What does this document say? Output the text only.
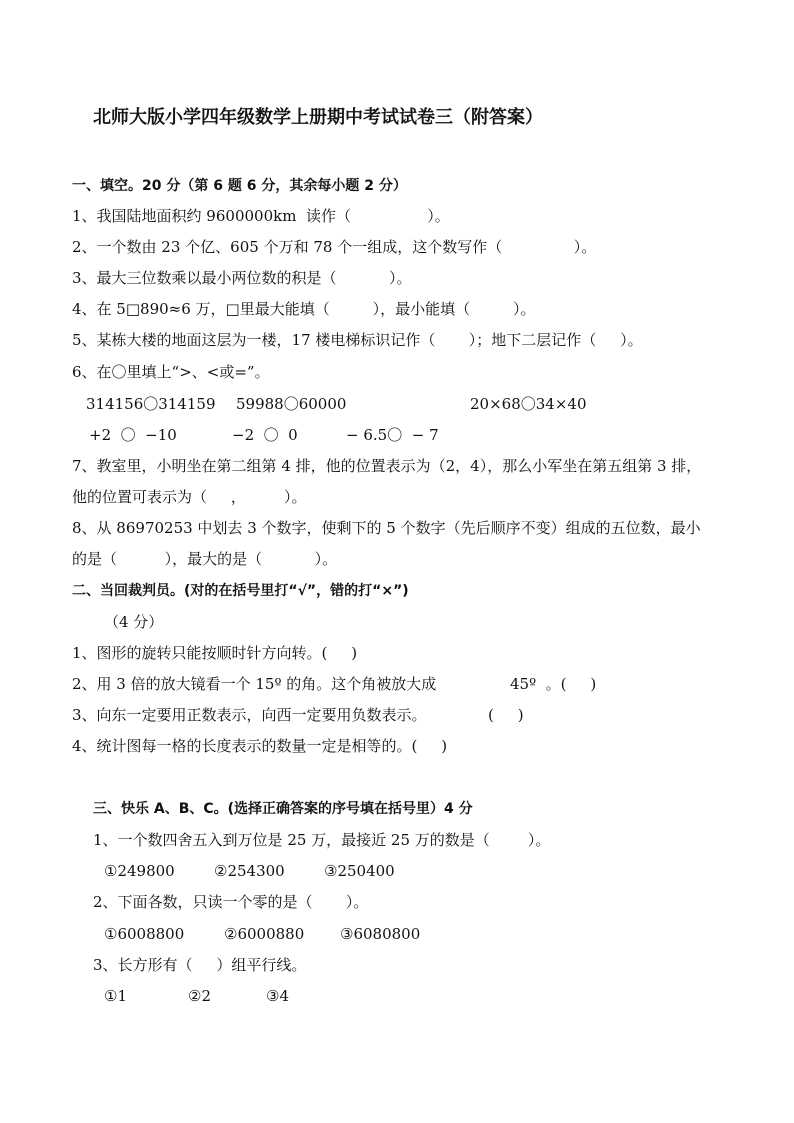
北师大版小学四年级数学上册期中考试试卷三（附答案）
一、填空。20 分（第 6 题 6 分，其余每小题 2 分）
1、我国陆地面积约 9600000km  读作（                ）。
2、一个数由 23 个亿、605 个万和 78 个一组成，这个数写作（               ）。
3、最大三位数乘以最小两位数的积是（           ）。
4、在 5□890≈6 万，□里最大能填（         ），最小能填（         ）。
5、某栋大楼的地面这层为一楼，17 楼电梯标识记作（       ）；地下二层记作（     ）。
6、在〇里填上“>、<或=”。
314156〇314159 59988〇60000	20×68〇34×40
+2  〇  −10	−2  〇  0	− 6.5〇  − 7
7、教室里，小明坐在第二组第 4 排，他的位置表示为（2，4），那么小军坐在第五组第 3 排，
他的位置可表示为（     ，        ）。
8、从 86970253 中划去 3 个数字，使剩下的 5 个数字（先后顺序不变）组成的五位数，最小
的是（          ），最大的是（           ）。
二、当回裁判员。(对的在括号里打“√”，错的打“×”)
（4 分）
1、图形的旋转只能按顺时针方向转。(     )
2、用 3 倍的放大镜看一个 15º 的角。这个角被放大成	45º  。(     )
3、向东一定要用正数表示，向西一定要用负数表示。	(     )
4、统计图每一格的长度表示的数量一定是相等的。(     )
三、快乐 A、B、C。(选择正确答案的序号填在括号里）4 分
1、一个数四舍五入到万位是 25 万，最接近 25 万的数是（        ）。
①249800	②254300	③250400
2、下面各数，只读一个零的是（       ）。
①6008800	②6000880 ③6080800
3、长方形有（     ）组平行线。
①1	②2	③4
